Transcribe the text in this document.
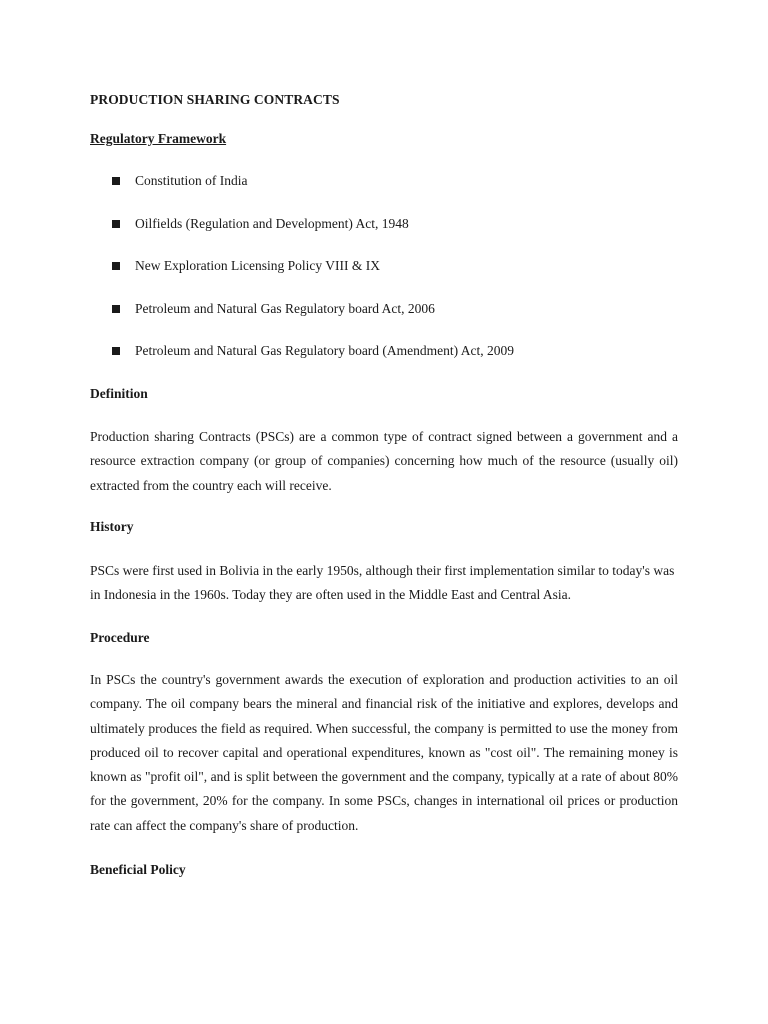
PRODUCTION SHARING CONTRACTS
Regulatory Framework
Constitution of India
Oilfields (Regulation and Development) Act, 1948
New Exploration Licensing Policy VIII & IX
Petroleum and Natural Gas Regulatory board Act, 2006
Petroleum and Natural Gas Regulatory board (Amendment) Act, 2009
Definition

Production sharing Contracts (PSCs) are a common type of contract signed between a government and a resource extraction company (or group of companies) concerning how much of the resource (usually oil) extracted from the country each will receive.

History

PSCs were first used in Bolivia in the early 1950s, although their first implementation similar to today's was in Indonesia in the 1960s. Today they are often used in the Middle East and Central Asia.

Procedure

In PSCs the country's government awards the execution of exploration and production activities to an oil company. The oil company bears the mineral and financial risk of the initiative and explores, develops and ultimately produces the field as required. When successful, the company is permitted to use the money from produced oil to recover capital and operational expenditures, known as "cost oil". The remaining money is known as "profit oil", and is split between the government and the company, typically at a rate of about 80% for the government, 20% for the company. In some PSCs, changes in international oil prices or production rate can affect the company's share of production.

Beneficial Policy
